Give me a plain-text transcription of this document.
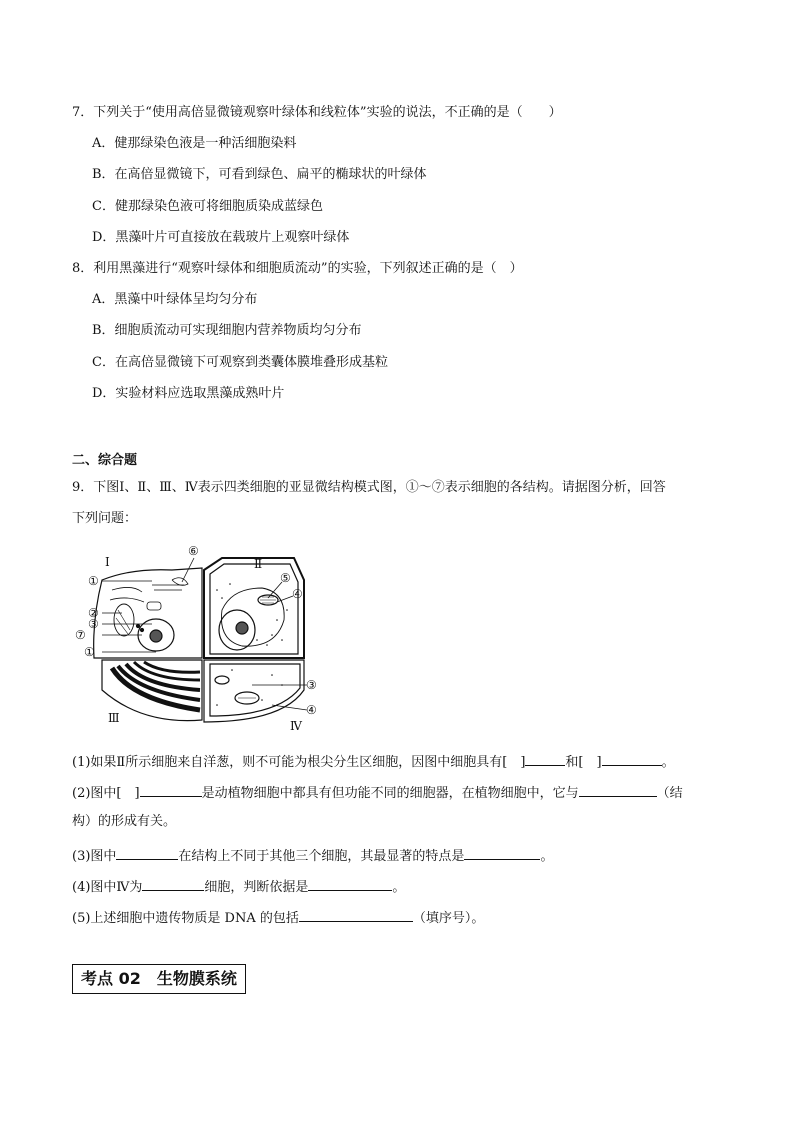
7．下列关于“使用高倍显微镜观察叶绿体和线粒体”实验的说法，不正确的是（　　）
A．健那绿染色液是一种活细胞染料
B．在高倍显微镜下，可看到绿色、扁平的椭球状的叶绿体
C．健那绿染色液可将细胞质染成蓝绿色
D．黑藻叶片可直接放在载玻片上观察叶绿体
8．利用黑藻进行“观察叶绿体和细胞质流动”的实验，下列叙述正确的是（　）
A．黑藻中叶绿体呈均匀分布
B．细胞质流动可实现细胞内营养物质均匀分布
C．在高倍显微镜下可观察到类囊体膜堆叠形成基粒
D．实验材料应选取黑藻成熟叶片
二、综合题
9．下图Ⅰ、Ⅱ、Ⅲ、Ⅳ表示四类细胞的亚显微结构模式图，①～⑦表示细胞的各结构。请据图分析，回答
下列问题：
Ⅰ	Ⅱ
Ⅲ
Ⅳ
①
②
③
⑦
①
⑥
⑤
④
③
④
(1)如果Ⅱ所示细胞来自洋葱，则不可能为根尖分生区细胞，因图中细胞具有[　]	和[　]	。
(2)图中[　]	是动植物细胞中都具有但功能不同的细胞器，在植物细胞中，它与	（结
构）的形成有关。
(3)图中	在结构上不同于其他三个细胞，其最显著的特点是	。
(4)图中Ⅳ为	细胞，判断依据是	。
(5)上述细胞中遗传物质是 DNA 的包括	（填序号）。
考点 02　生物膜系统
